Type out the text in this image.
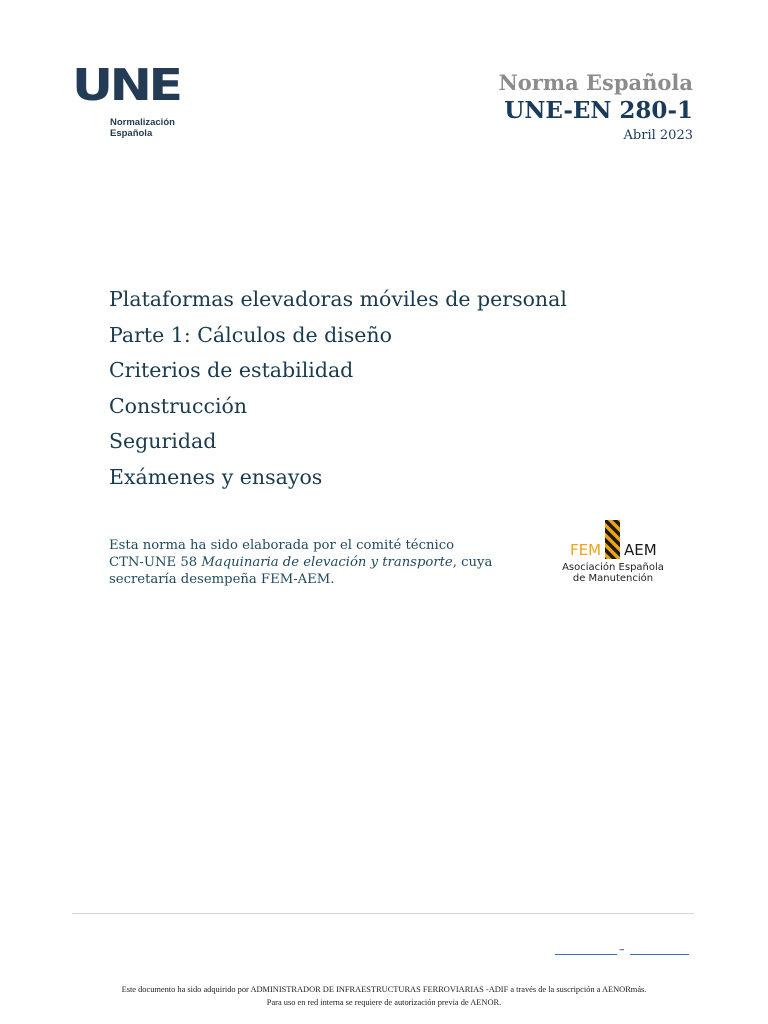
UNE
Normalización
Española
Norma Española
UNE-EN 280-1
Abril 2023
Plataformas elevadoras móviles de personal
Parte 1: Cálculos de diseño
Criterios de estabilidad
Construcción
Seguridad
Exámenes y ensayos
Esta norma ha sido elaborada por el comité técnico
CTN-UNE 58 Maquinaria de elevación y transporte, cuya
secretaría desempeña FEM-AEM.
FEM AEM
Asociación Española
de Manutención
–
Este documento ha sido adquirido por ADMINISTRADOR DE INFRAESTRUCTURAS FERROVIARIAS -ADIF a través de la suscripción a AENORmás.
Para uso en red interna se requiere de autorización previa de AENOR.
